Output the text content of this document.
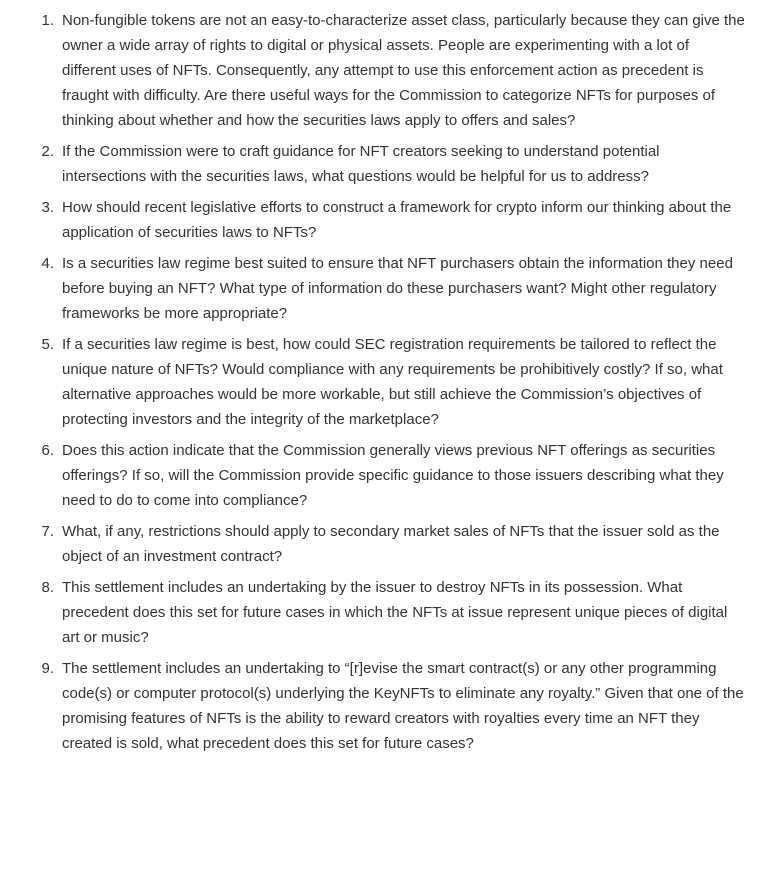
1. Non-fungible tokens are not an easy-to-characterize asset class, particularly because they can give the owner a wide array of rights to digital or physical assets. People are experimenting with a lot of different uses of NFTs. Consequently, any attempt to use this enforcement action as precedent is fraught with difficulty. Are there useful ways for the Commission to categorize NFTs for purposes of thinking about whether and how the securities laws apply to offers and sales?
2. If the Commission were to craft guidance for NFT creators seeking to understand potential intersections with the securities laws, what questions would be helpful for us to address?
3. How should recent legislative efforts to construct a framework for crypto inform our thinking about the application of securities laws to NFTs?
4. Is a securities law regime best suited to ensure that NFT purchasers obtain the information they need before buying an NFT? What type of information do these purchasers want? Might other regulatory frameworks be more appropriate?
5. If a securities law regime is best, how could SEC registration requirements be tailored to reflect the unique nature of NFTs? Would compliance with any requirements be prohibitively costly? If so, what alternative approaches would be more workable, but still achieve the Commission’s objectives of protecting investors and the integrity of the marketplace?
6. Does this action indicate that the Commission generally views previous NFT offerings as securities offerings? If so, will the Commission provide specific guidance to those issuers describing what they need to do to come into compliance?
7. What, if any, restrictions should apply to secondary market sales of NFTs that the issuer sold as the object of an investment contract?
8. This settlement includes an undertaking by the issuer to destroy NFTs in its possession. What precedent does this set for future cases in which the NFTs at issue represent unique pieces of digital art or music?
9. The settlement includes an undertaking to “[r]evise the smart contract(s) or any other programming code(s) or computer protocol(s) underlying the KeyNFTs to eliminate any royalty.” Given that one of the promising features of NFTs is the ability to reward creators with royalties every time an NFT they created is sold, what precedent does this set for future cases?
